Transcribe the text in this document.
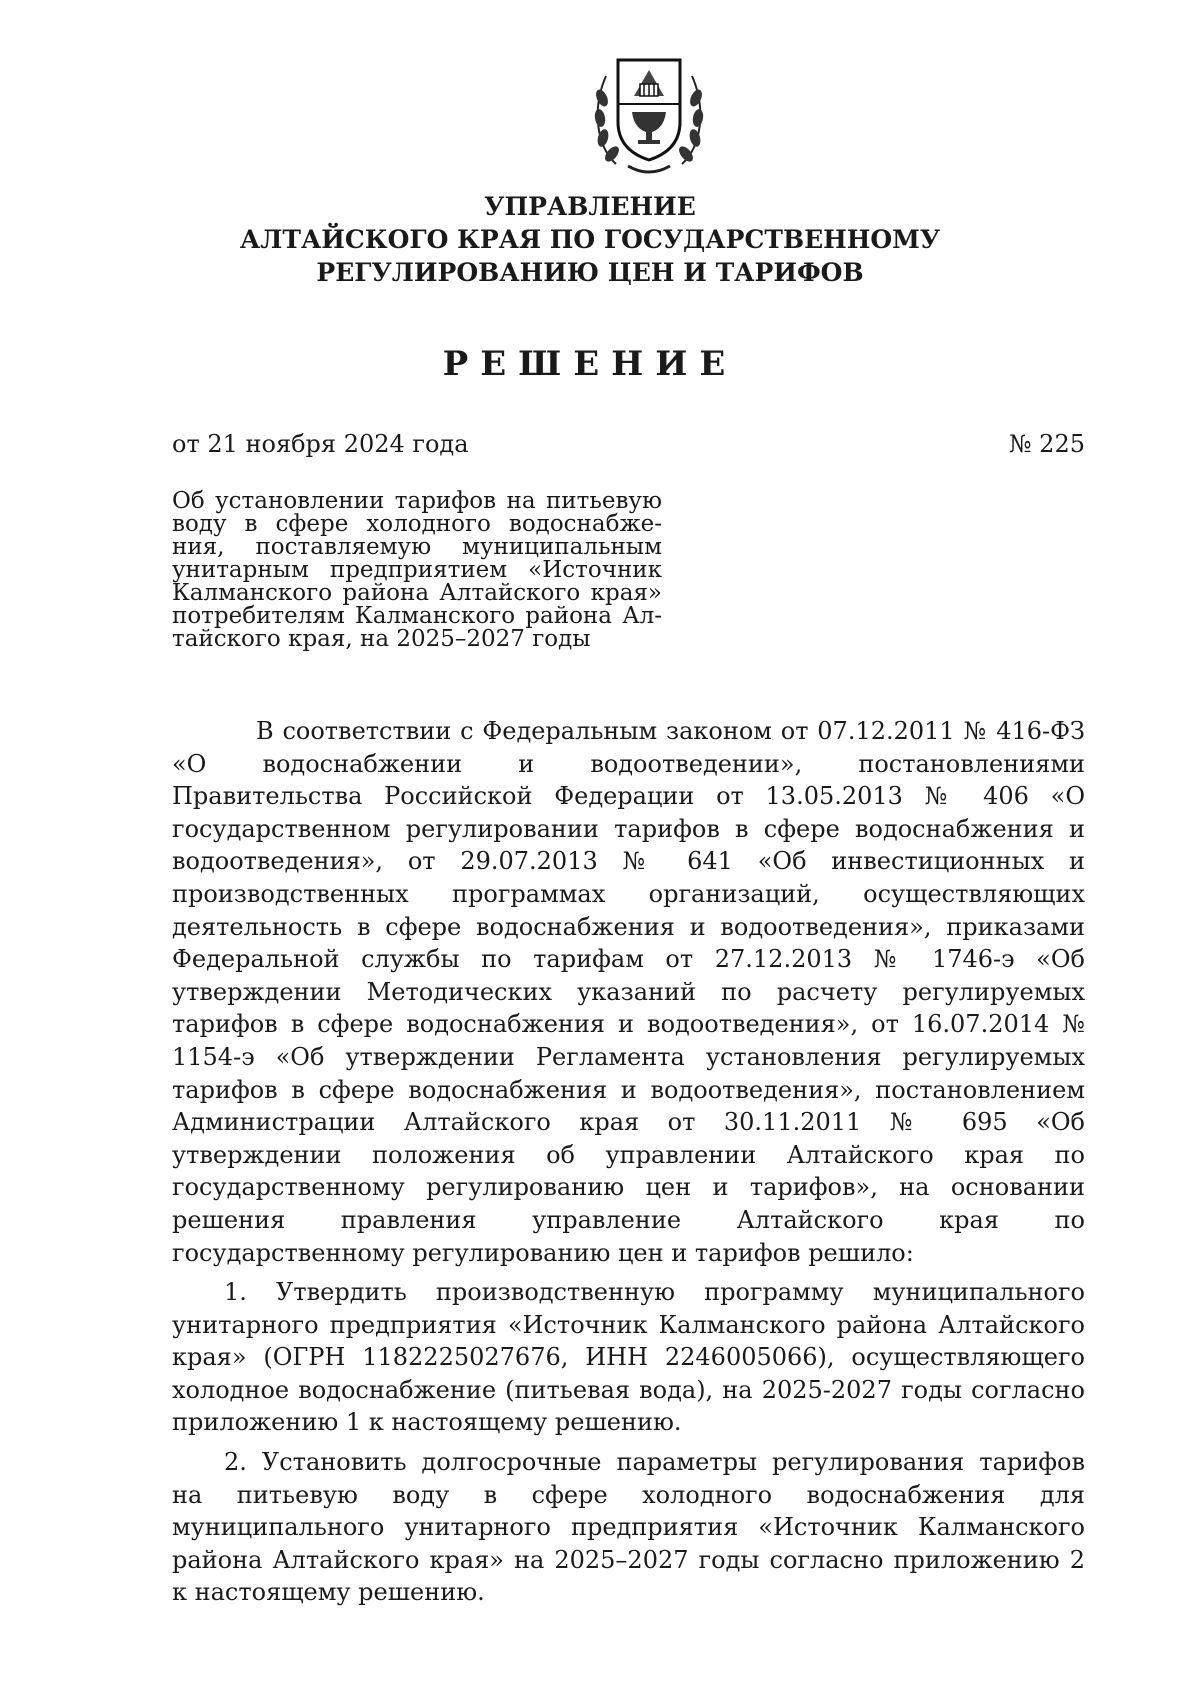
УПРАВЛЕНИЕ
АЛТАЙСКОГО КРАЯ ПО ГОСУДАРСТВЕННОМУ
РЕГУЛИРОВАНИЮ ЦЕН И ТАРИФОВ
РЕШЕНИЕ
от 21 ноября 2024 года	№ 225
Об установлении тарифов на питьевую воду в сфере холодного водоснабже-ния, поставляемую муниципальным унитарным предприятием «Источник Калманского района Алтайского края» потребителям Калманского района Ал-тайского края, на 2025–2027 годы

В соответствии с Федеральным законом от 07.12.2011 № 416-ФЗ «О водоснабжении и водоотведении», постановлениями Правительства Российской Федерации от 13.05.2013 № 406 «О государственном регулировании тарифов в сфере водоснабжения и водоотведения», от 29.07.2013 № 641 «Об инвестиционных и производственных программах организаций, осуществляющих деятельность в сфере водоснабжения и водоотведения», приказами Федеральной службы по тарифам от 27.12.2013 № 1746-э «Об утверждении Методических указаний по расчету регулируемых тарифов в сфере водоснабжения и водоотведения», от 16.07.2014 № 1154-э «Об утверждении Регламента установления регулируемых тарифов в сфере водоснабжения и водоотведения», постановлением Администрации Алтайского края от 30.11.2011 № 695 «Об утверждении положения об управлении Алтайского края по государственному регулированию цен и тарифов», на основании решения правления управление Алтайского края по государственному регулированию цен и тарифов решило:

1. Утвердить производственную программу муниципального унитарного предприятия «Источник Калманского района Алтайского края» (ОГРН 1182225027676, ИНН 2246005066), осуществляющего холодное водоснабжение (питьевая вода), на 2025-2027 годы согласно приложению 1 к настоящему решению.

2. Установить долгосрочные параметры регулирования тарифов на питьевую воду в сфере холодного водоснабжения для муниципального унитарного предприятия «Источник Калманского района Алтайского края» на 2025–2027 годы согласно приложению 2 к настоящему решению.
